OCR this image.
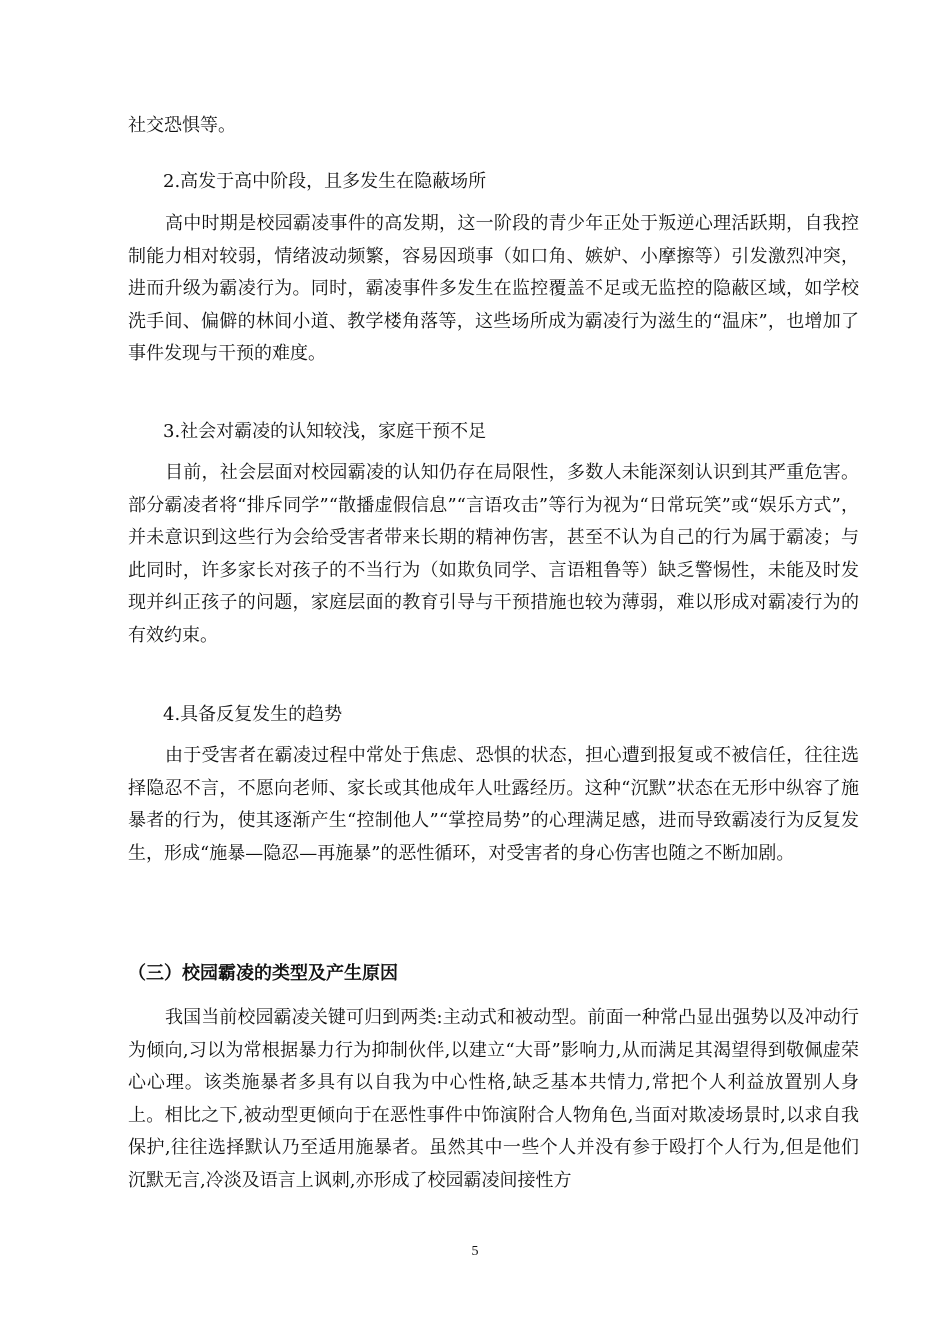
社交恐惧等。

2.高发于高中阶段，且多发生在隐蔽场所

高中时期是校园霸凌事件的高发期，这一阶段的青少年正处于叛逆心理活跃期，自我控制能力相对较弱，情绪波动频繁，容易因琐事（如口角、嫉妒、小摩擦等）引发激烈冲突，进而升级为霸凌行为。同时，霸凌事件多发生在监控覆盖不足或无监控的隐蔽区域，如学校洗手间、偏僻的林间小道、教学楼角落等，这些场所成为霸凌行为滋生的“温床”，也增加了事件发现与干预的难度。

3.社会对霸凌的认知较浅，家庭干预不足

目前，社会层面对校园霸凌的认知仍存在局限性，多数人未能深刻认识到其严重危害。部分霸凌者将“排斥同学”“散播虚假信息”“言语攻击”等行为视为“日常玩笑”或“娱乐方式”，并未意识到这些行为会给受害者带来长期的精神伤害，甚至不认为自己的行为属于霸凌；与此同时，许多家长对孩子的不当行为（如欺负同学、言语粗鲁等）缺乏警惕性，未能及时发现并纠正孩子的问题，家庭层面的教育引导与干预措施也较为薄弱，难以形成对霸凌行为的有效约束。

4.具备反复发生的趋势

由于受害者在霸凌过程中常处于焦虑、恐惧的状态，担心遭到报复或不被信任，往往选择隐忍不言，不愿向老师、家长或其他成年人吐露经历。这种“沉默”状态在无形中纵容了施暴者的行为，使其逐渐产生“控制他人”“掌控局势”的心理满足感，进而导致霸凌行为反复发生，形成“施暴—隐忍—再施暴”的恶性循环，对受害者的身心伤害也随之不断加剧。

（三）校园霸凌的类型及产生原因

我国当前校园霸凌关键可归到两类:主动式和被动型。前面一种常凸显出强势以及冲动行为倾向,习以为常根据暴力行为抑制伙伴,以建立“大哥”影响力,从而满足其渴望得到敬佩虚荣心心理。该类施暴者多具有以自我为中心性格,缺乏基本共情力,常把个人利益放置别人身上。相比之下,被动型更倾向于在恶性事件中饰演附合人物角色,当面对欺凌场景时,以求自我保护,往往选择默认乃至适用施暴者。虽然其中一些个人并没有参于殴打个人行为,但是他们沉默无言,冷淡及语言上讽刺,亦形成了校园霸凌间接性方

5
